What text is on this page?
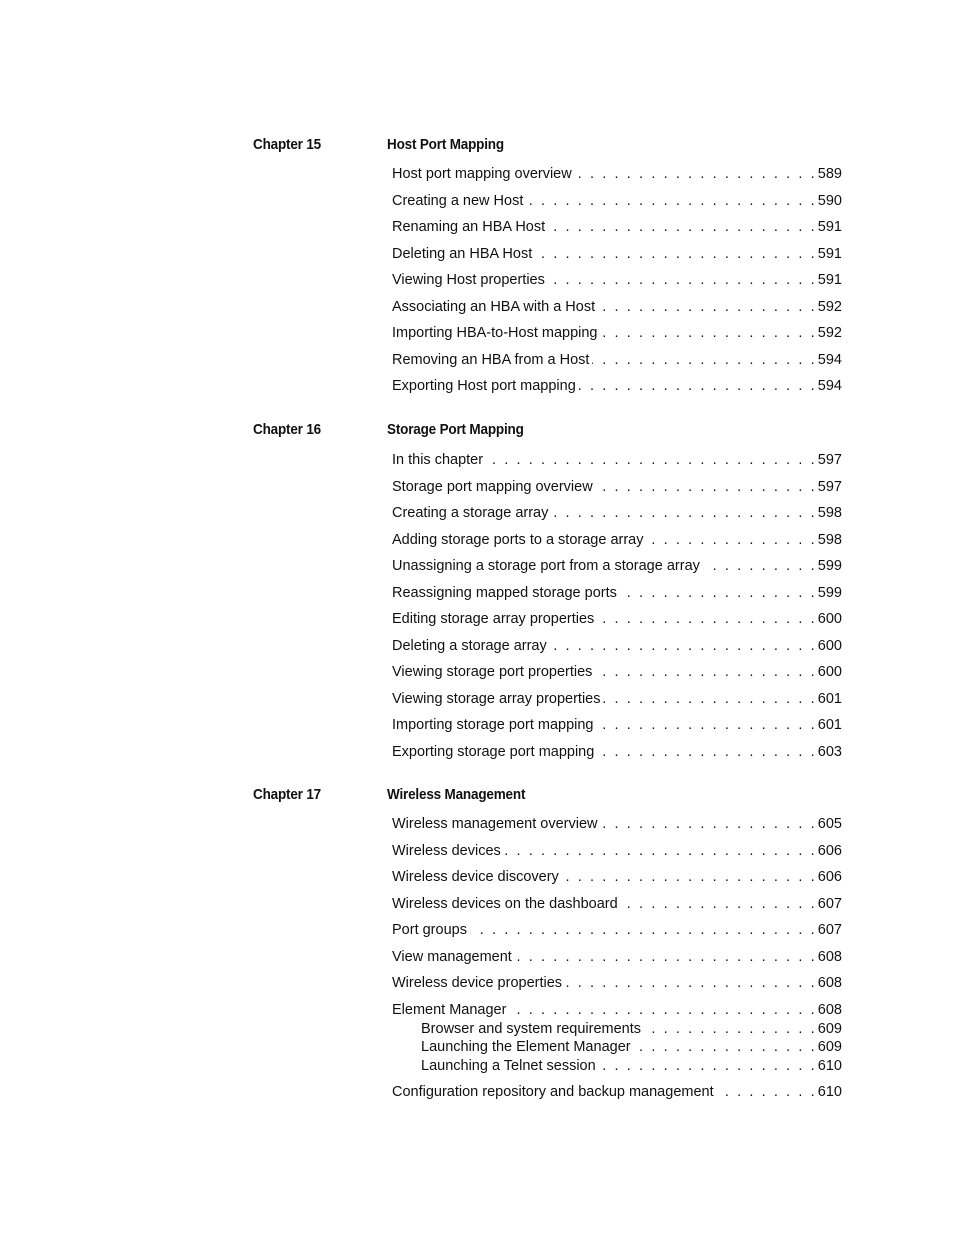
Chapter 15	Host Port Mapping
Host port mapping overview . . .	589
Creating a new Host . . .	590
Renaming an HBA Host . . .	591
Deleting an HBA Host . . .	591
Viewing Host properties . . .	591
Associating an HBA with a Host . . .	592
Importing HBA-to-Host mapping . . .	592
Removing an HBA from a Host . . .	594
Exporting Host port mapping . . .	594
Chapter 16	Storage Port Mapping
In this chapter . . .	597
Storage port mapping overview . . .	597
Creating a storage array . . .	598
Adding storage ports to a storage array . . .	598
Unassigning a storage port from a storage array . . .	599
Reassigning mapped storage ports . . .	599
Editing storage array properties . . .	600
Deleting a storage array . . .	600
Viewing storage port properties . . .	600
Viewing storage array properties . . .	601
Importing storage port mapping . . .	601
Exporting storage port mapping . . .	603
Chapter 17	Wireless Management
Wireless management overview . . .	605
Wireless devices . . .	606
Wireless device discovery . . .	606
Wireless devices on the dashboard . . .	607
Port groups . . .	607
View management . . .	608
Wireless device properties . . .	608
Element Manager . . .	608
Browser and system requirements . . .	609
Launching the Element Manager . . .	609
Launching a Telnet session . . .	610
Configuration repository and backup management . . .	610
